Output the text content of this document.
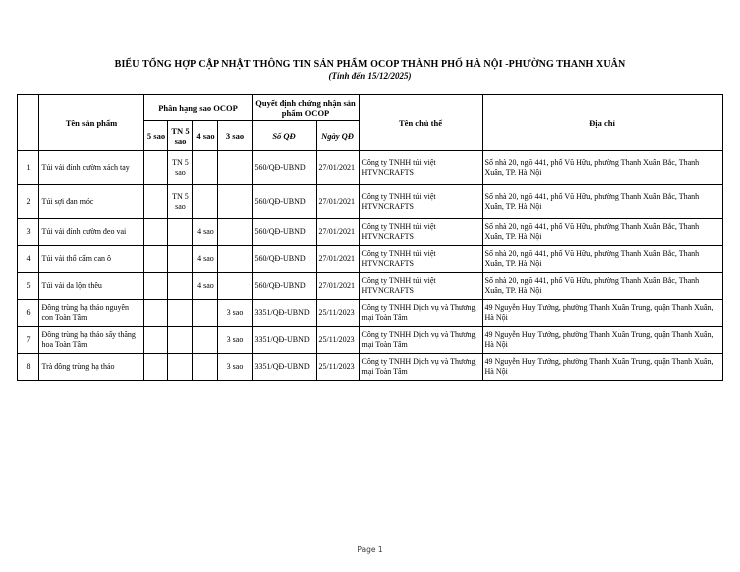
BIỂU TỔNG HỢP CẬP NHẬT THÔNG TIN SẢN PHẨM OCOP THÀNH PHỐ HÀ NỘI -PHƯỜNG THANH XUÂN
(Tính đến 15/12/2025)
	Tên sản phẩm	Phân hạng sao OCOP				Quyết định chứng nhận sản phẩm OCOP		Tên chủ thể	Địa chỉ
		5 sao	TN 5 sao	4 sao	3 sao	Số QĐ	Ngày QĐ		
1	Túi vải đính cườm xách tay		TN 5 sao			560/QĐ-UBND	27/01/2021	Công ty TNHH túi việt HTVNCRAFTS	Số nhà 20, ngõ 441, phố Vũ Hữu, phường Thanh Xuân Bắc, Thanh Xuân, TP. Hà Nội
2	Túi sợi đan móc		TN 5 sao			560/QĐ-UBND	27/01/2021	Công ty TNHH túi việt HTVNCRAFTS	Số nhà 20, ngõ 441, phố Vũ Hữu, phường Thanh Xuân Bắc, Thanh Xuân, TP. Hà Nội
3	Túi vải đính cườm đeo vai			4 sao		560/QĐ-UBND	27/01/2021	Công ty TNHH túi việt HTVNCRAFTS	Số nhà 20, ngõ 441, phố Vũ Hữu, phường Thanh Xuân Bắc, Thanh Xuân, TP. Hà Nội
4	Túi vải thổ cẩm can ô			4 sao		560/QĐ-UBND	27/01/2021	Công ty TNHH túi việt HTVNCRAFTS	Số nhà 20, ngõ 441, phố Vũ Hữu, phường Thanh Xuân Bắc, Thanh Xuân, TP. Hà Nội
5	Túi vải da lộn thêu			4 sao		560/QĐ-UBND	27/01/2021	Công ty TNHH túi việt HTVNCRAFTS	Số nhà 20, ngõ 441, phố Vũ Hữu, phường Thanh Xuân Bắc, Thanh Xuân, TP. Hà Nội
6	Đông trùng hạ thảo nguyên con Toàn Tâm				3 sao	3351/QĐ-UBND	25/11/2023	Công ty TNHH Dịch vụ và Thương mại Toàn Tâm	49 Nguyễn Huy Tưởng, phường Thanh Xuân Trung, quận Thanh Xuân, Hà Nội
7	Đông trùng hạ thảo sấy thăng hoa Toàn Tâm				3 sao	3351/QĐ-UBND	25/11/2023	Công ty TNHH Dịch vụ và Thương mại Toàn Tâm	49 Nguyễn Huy Tưởng, phường Thanh Xuân Trung, quận Thanh Xuân, Hà Nội
8	Trà đông trùng hạ thảo				3 sao	3351/QĐ-UBND	25/11/2023	Công ty TNHH Dịch vụ và Thương mại Toàn Tâm	49 Nguyễn Huy Tưởng, phường Thanh Xuân Trung, quận Thanh Xuân, Hà Nội
Page 1
